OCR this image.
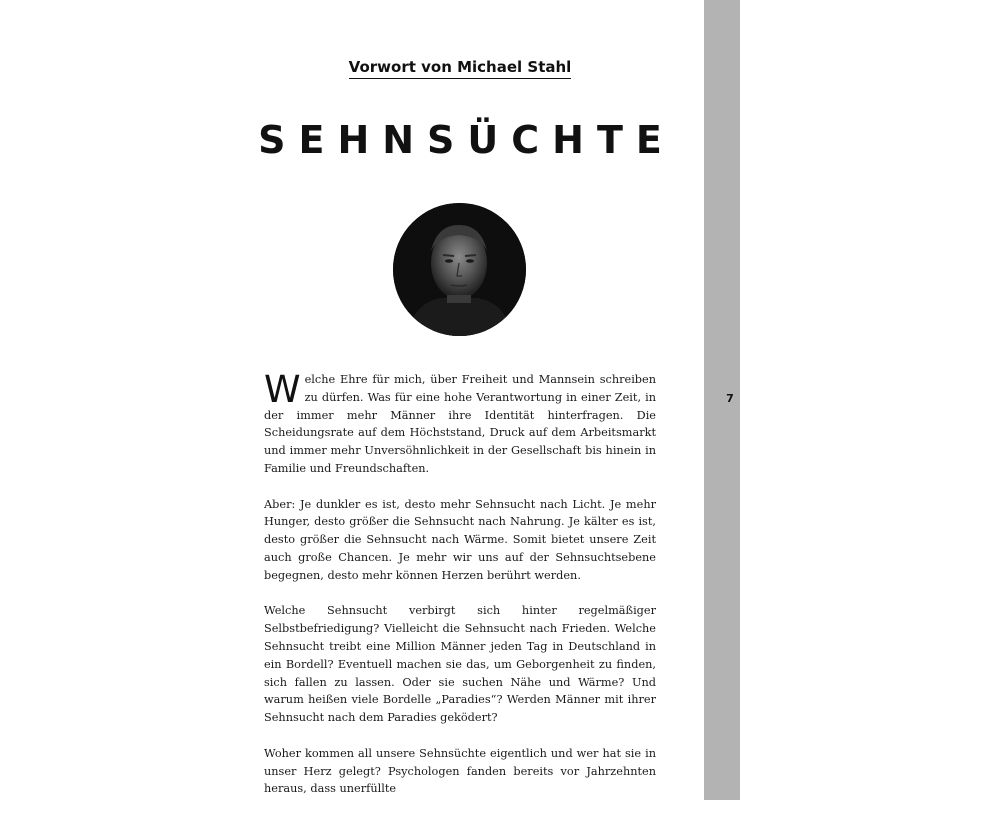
Vorwort von Michael Stahl
SEHNSÜCHTE

Welche Ehre für mich, über Freiheit und Mannsein schreiben zu dürfen. Was für eine hohe Verantwortung in einer Zeit, in der immer mehr Männer ihre Identität hinterfragen. Die Scheidungsrate auf dem Höchststand, Druck auf dem Arbeitsmarkt und immer mehr Unversöhnlichkeit in der Gesellschaft bis hinein in Familie und Freundschaften.

Aber: Je dunkler es ist, desto mehr Sehnsucht nach Licht. Je mehr Hunger, desto größer die Sehnsucht nach Nahrung. Je kälter es ist, desto größer die Sehnsucht nach Wärme. Somit bietet unsere Zeit auch große Chancen. Je mehr wir uns auf der Sehnsuchtsebene begegnen, desto mehr können Herzen berührt werden.

Welche Sehnsucht verbirgt sich hinter regelmäßiger Selbstbefriedigung? Vielleicht die Sehnsucht nach Frieden. Welche Sehnsucht treibt eine Million Männer jeden Tag in Deutschland in ein Bordell? Eventuell machen sie das, um Geborgenheit zu finden, sich fallen zu lassen. Oder sie suchen Nähe und Wärme? Und warum heißen viele Bordelle „Paradies“? Werden Männer mit ihrer Sehnsucht nach dem Paradies geködert?

Woher kommen all unsere Sehnsüchte eigentlich und wer hat sie in unser Herz gelegt? Psychologen fanden bereits vor Jahrzehnten heraus, dass unerfüllte

7
